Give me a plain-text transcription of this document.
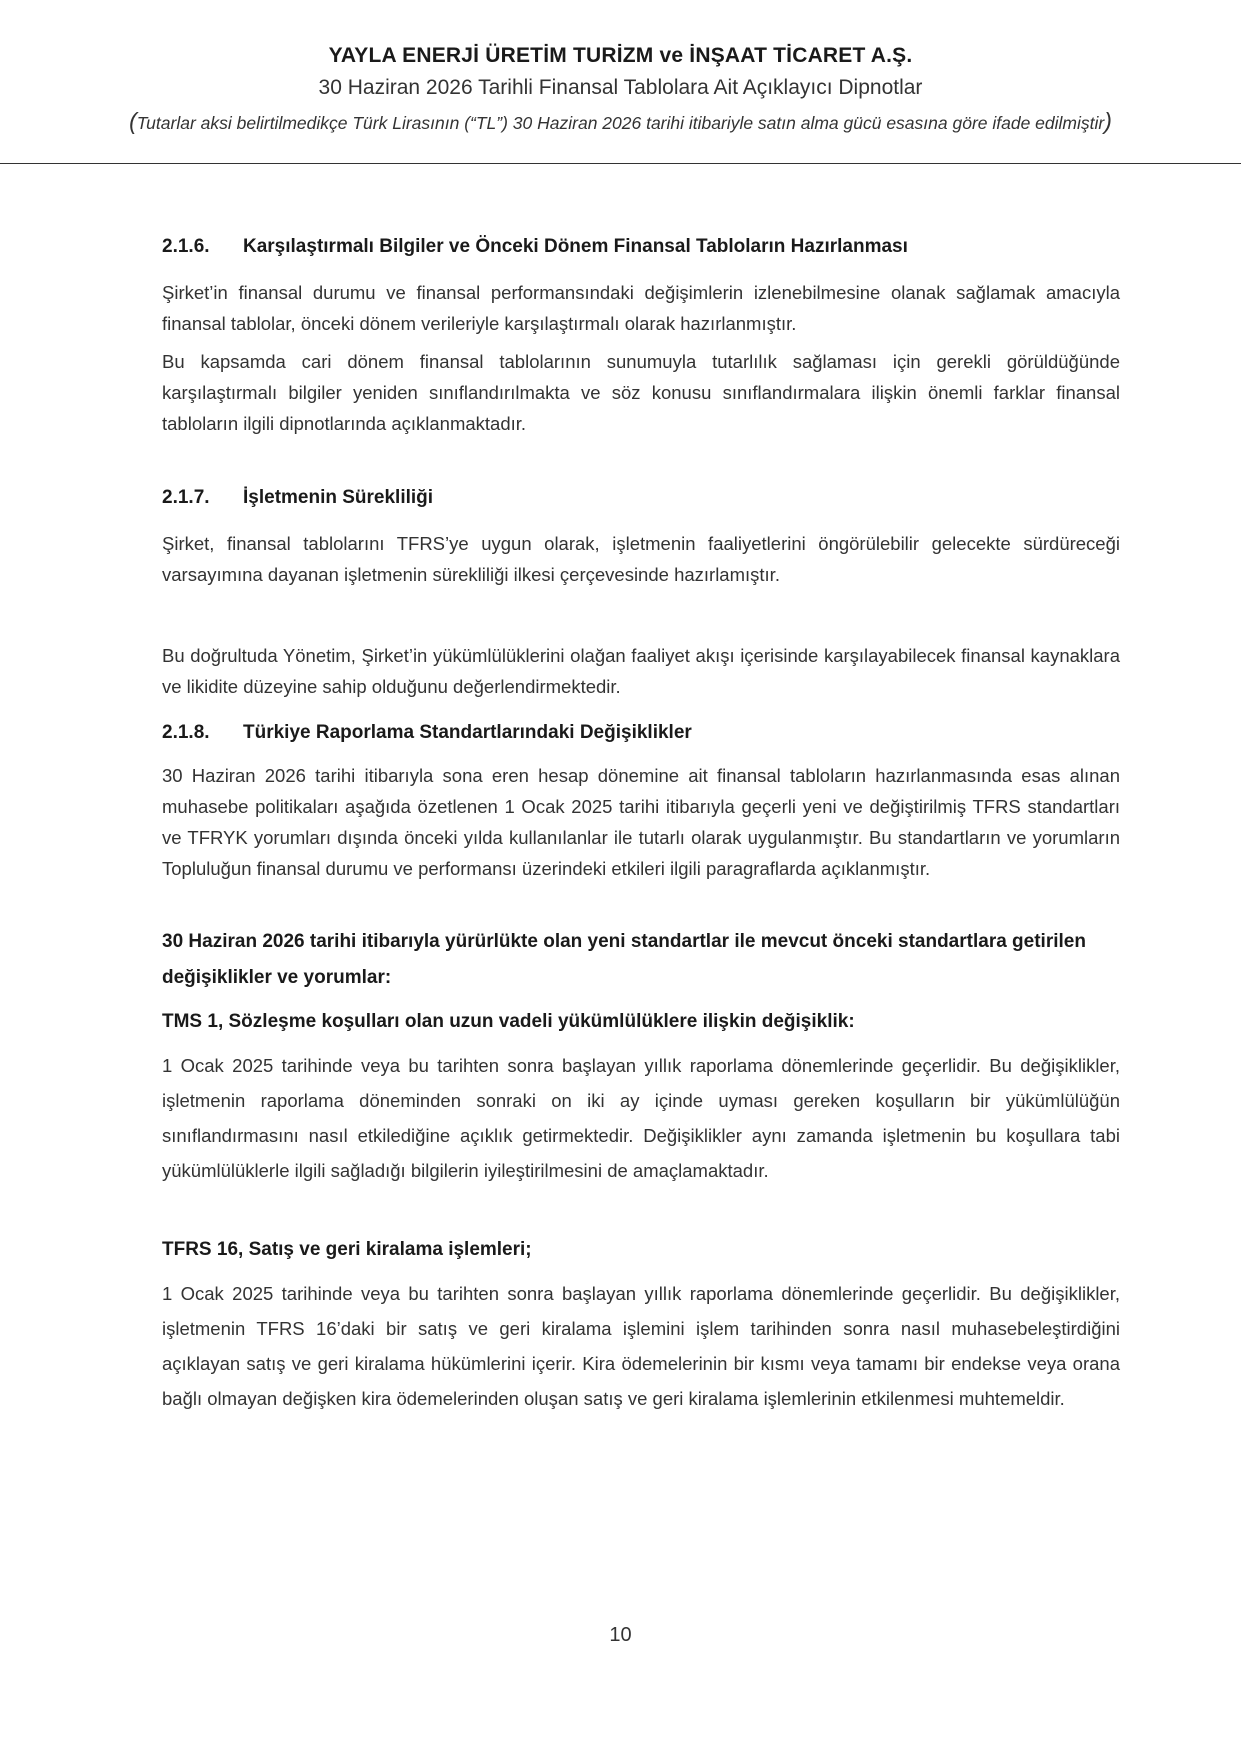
YAYLA ENERJİ ÜRETİM TURİZM ve İNŞAAT TİCARET A.Ş.
30 Haziran 2026 Tarihli Finansal Tablolara Ait Açıklayıcı Dipnotlar
(Tutarlar aksi belirtilmedikçe Türk Lirasının (“TL”) 30 Haziran 2026 tarihi itibariyle satın alma gücü esasına göre ifade edilmiştir)
2.1.6. Karşılaştırmalı Bilgiler ve Önceki Dönem Finansal Tabloların Hazırlanması

Şirket’in finansal durumu ve finansal performansındaki değişimlerin izlenebilmesine olanak sağlamak amacıyla finansal tablolar, önceki dönem verileriyle karşılaştırmalı olarak hazırlanmıştır.

Bu kapsamda cari dönem finansal tablolarının sunumuyla tutarlılık sağlaması için gerekli görüldüğünde karşılaştırmalı bilgiler yeniden sınıflandırılmakta ve söz konusu sınıflandırmalara ilişkin önemli farklar finansal tabloların ilgili dipnotlarında açıklanmaktadır.

2.1.7. İşletmenin Sürekliliği

Şirket, finansal tablolarını TFRS’ye uygun olarak, işletmenin faaliyetlerini öngörülebilir gelecekte sürdüreceği varsayımına dayanan işletmenin sürekliliği ilkesi çerçevesinde hazırlamıştır.

Bu doğrultuda Yönetim, Şirket’in yükümlülüklerini olağan faaliyet akışı içerisinde karşılayabilecek finansal kaynaklara ve likidite düzeyine sahip olduğunu değerlendirmektedir.

2.1.8. Türkiye Raporlama Standartlarındaki Değişiklikler

30 Haziran 2026 tarihi itibarıyla sona eren hesap dönemine ait finansal tabloların hazırlanmasında esas alınan muhasebe politikaları aşağıda özetlenen 1 Ocak 2025 tarihi itibarıyla geçerli yeni ve değiştirilmiş TFRS standartları ve TFRYK yorumları dışında önceki yılda kullanılanlar ile tutarlı olarak uygulanmıştır. Bu standartların ve yorumların Topluluğun finansal durumu ve performansı üzerindeki etkileri ilgili paragraflarda açıklanmıştır.

30 Haziran 2026 tarihi itibarıyla yürürlükte olan yeni standartlar ile mevcut önceki standartlara getirilen değişiklikler ve yorumlar:

TMS 1, Sözleşme koşulları olan uzun vadeli yükümlülüklere ilişkin değişiklik:

1 Ocak 2025 tarihinde veya bu tarihten sonra başlayan yıllık raporlama dönemlerinde geçerlidir. Bu değişiklikler, işletmenin raporlama döneminden sonraki on iki ay içinde uyması gereken koşulların bir yükümlülüğün sınıflandırmasını nasıl etkilediğine açıklık getirmektedir. Değişiklikler aynı zamanda işletmenin bu koşullara tabi yükümlülüklerle ilgili sağladığı bilgilerin iyileştirilmesini de amaçlamaktadır.

TFRS 16, Satış ve geri kiralama işlemleri;

1 Ocak 2025 tarihinde veya bu tarihten sonra başlayan yıllık raporlama dönemlerinde geçerlidir. Bu değişiklikler, işletmenin TFRS 16’daki bir satış ve geri kiralama işlemini işlem tarihinden sonra nasıl muhasebeleştirdiğini açıklayan satış ve geri kiralama hükümlerini içerir. Kira ödemelerinin bir kısmı veya tamamı bir endekse veya orana bağlı olmayan değişken kira ödemelerinden oluşan satış ve geri kiralama işlemlerinin etkilenmesi muhtemeldir.

10
